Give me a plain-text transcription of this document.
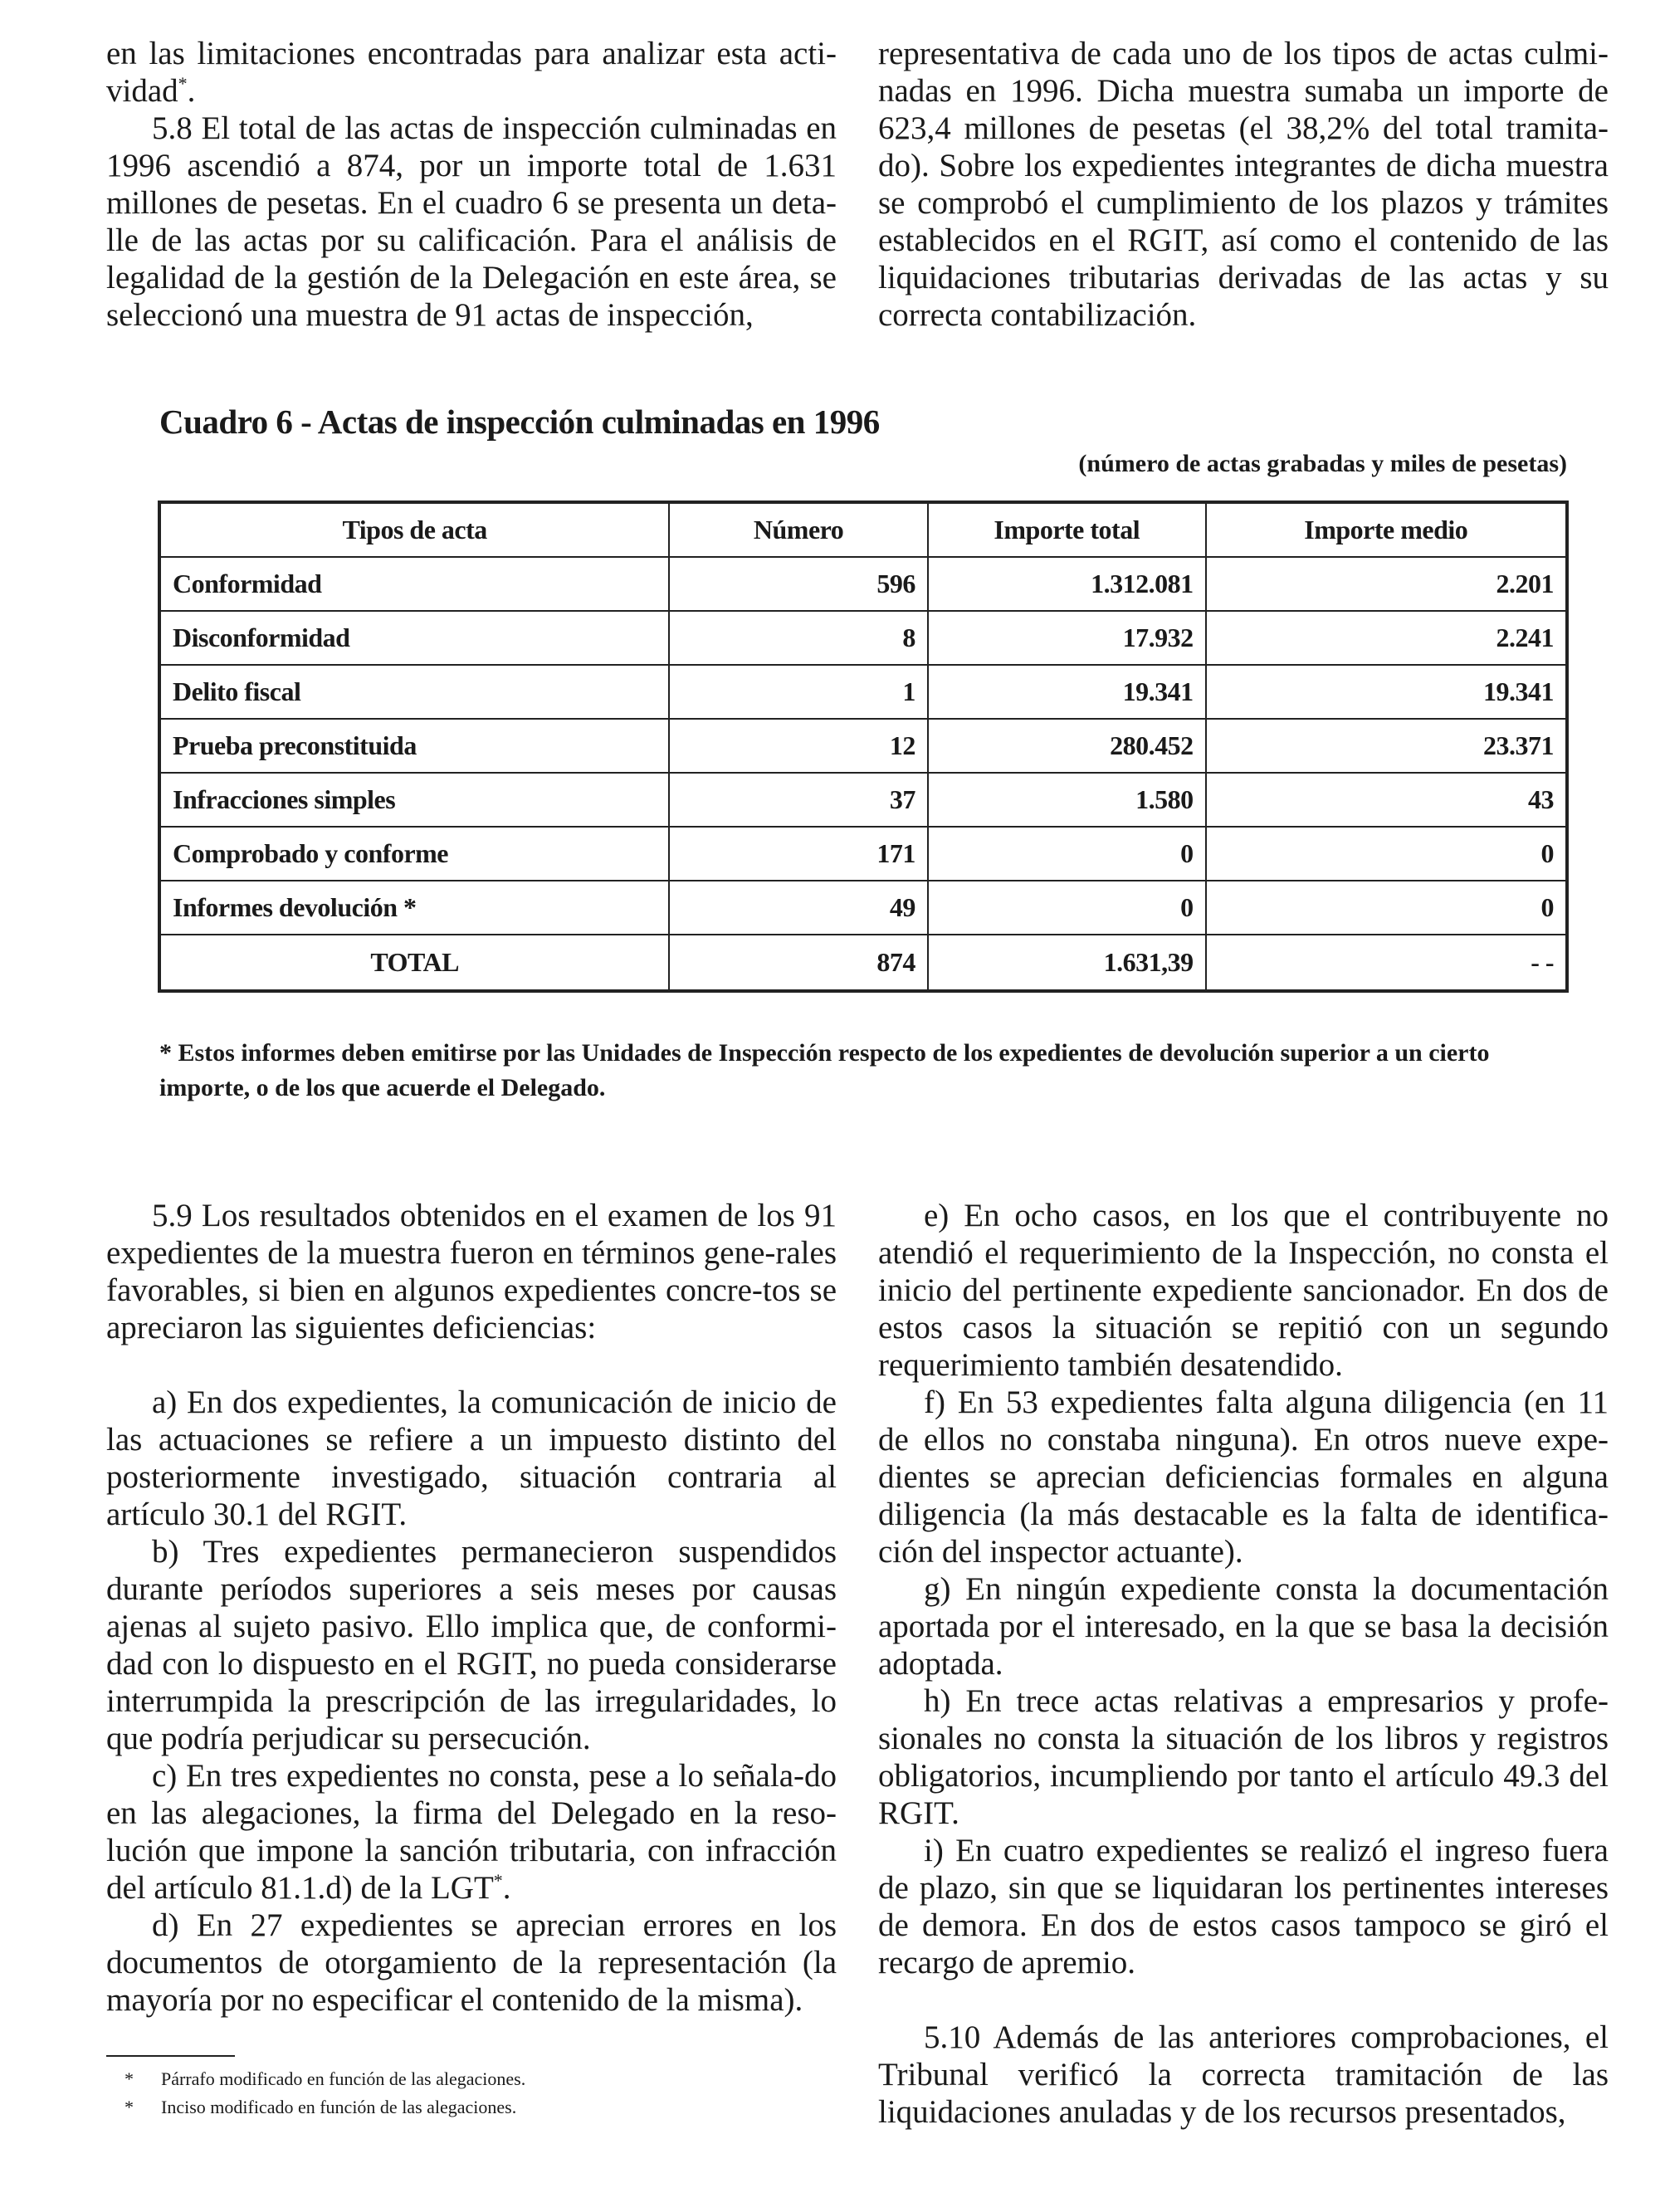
en las limitaciones encontradas para analizar esta acti-vidad*.

5.8 El total de las actas de inspección culminadas en 1996 ascendió a 874, por un importe total de 1.631 millones de pesetas. En el cuadro 6 se presenta un deta-lle de las actas por su calificación. Para el análisis de legalidad de la gestión de la Delegación en este área, se seleccionó una muestra de 91 actas de inspección,

representativa de cada uno de los tipos de actas culmi-nadas en 1996. Dicha muestra sumaba un importe de 623,4 millones de pesetas (el 38,2% del total tramita-do). Sobre los expedientes integrantes de dicha muestra se comprobó el cumplimiento de los plazos y trámites establecidos en el RGIT, así como el contenido de las liquidaciones tributarias derivadas de las actas y su correcta contabilización.

Cuadro 6 - Actas de inspección culminadas en 1996
(número de actas grabadas y miles de pesetas)
Tipos de acta	Número	Importe total	Importe medio
Conformidad	596	1.312.081	2.201
Disconformidad	8	17.932	2.241
Delito fiscal	1	19.341	19.341
Prueba preconstituida	12	280.452	23.371
Infracciones simples	37	1.580	43
Comprobado y conforme	171	0	0
Informes devolución *	49	0	0
TOTAL	874	1.631,39	- -
* Estos informes deben emitirse por las Unidades de Inspección respecto de los expedientes de devolución superior a un cierto importe, o de los que acuerde el Delegado.

5.9 Los resultados obtenidos en el examen de los 91 expedientes de la muestra fueron en términos gene-rales favorables, si bien en algunos expedientes concre-tos se apreciaron las siguientes deficiencias:

a) En dos expedientes, la comunicación de inicio de las actuaciones se refiere a un impuesto distinto del posteriormente investigado, situación contraria al artículo 30.1 del RGIT.

b) Tres expedientes permanecieron suspendidos durante períodos superiores a seis meses por causas ajenas al sujeto pasivo. Ello implica que, de conformi-dad con lo dispuesto en el RGIT, no pueda considerarse interrumpida la prescripción de las irregularidades, lo que podría perjudicar su persecución.

c) En tres expedientes no consta, pese a lo señala-do en las alegaciones, la firma del Delegado en la reso-lución que impone la sanción tributaria, con infracción del artículo 81.1.d) de la LGT*.

d) En 27 expedientes se aprecian errores en los documentos de otorgamiento de la representación (la mayoría por no especificar el contenido de la misma).

e) En ocho casos, en los que el contribuyente no atendió el requerimiento de la Inspección, no consta el inicio del pertinente expediente sancionador. En dos de estos casos la situación se repitió con un segundo requerimiento también desatendido.

f) En 53 expedientes falta alguna diligencia (en 11 de ellos no constaba ninguna). En otros nueve expe-dientes se aprecian deficiencias formales en alguna diligencia (la más destacable es la falta de identifica-ción del inspector actuante).

g) En ningún expediente consta la documentación aportada por el interesado, en la que se basa la decisión adoptada.

h) En trece actas relativas a empresarios y profe-sionales no consta la situación de los libros y registros obligatorios, incumpliendo por tanto el artículo 49.3 del RGIT.

i) En cuatro expedientes se realizó el ingreso fuera de plazo, sin que se liquidaran los pertinentes intereses de demora. En dos de estos casos tampoco se giró el recargo de apremio.

5.10 Además de las anteriores comprobaciones, el Tribunal verificó la correcta tramitación de las liquidaciones anuladas y de los recursos presentados,

* Párrafo modificado en función de las alegaciones.
* Inciso modificado en función de las alegaciones.
